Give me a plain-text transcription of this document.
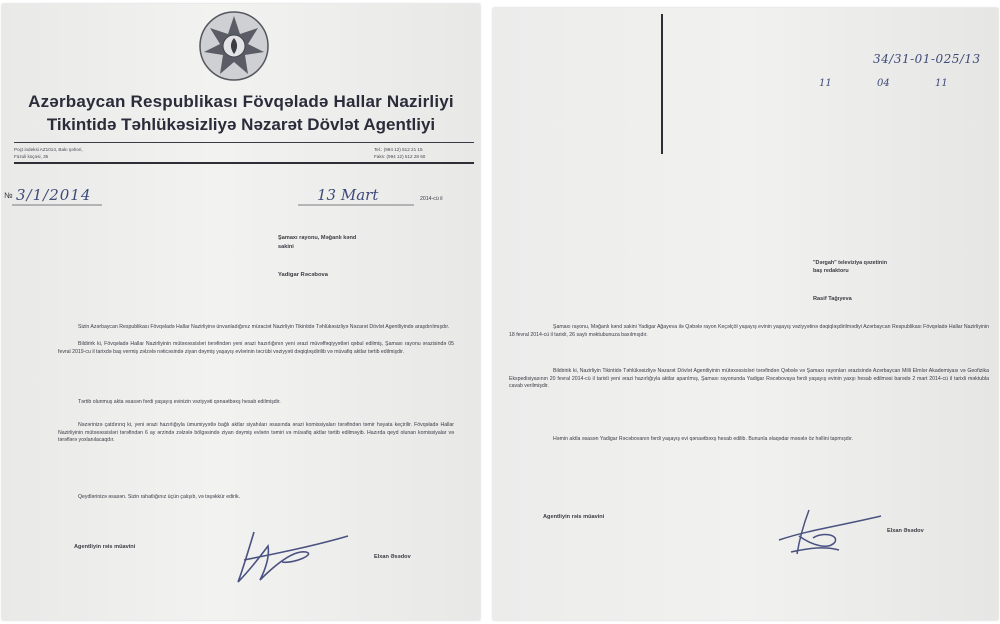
Azərbaycan Respublikası Fövqəladə Hallar Nazirliyi
Tikintidə Təhlükəsizliyə Nəzarət Dövlət Agentliyi
Poçt indeksi AZ1014, Bakı şəhəri,
Füzuli küçəsi, 35
Tel.: (994 12) 512 21 15
Faks: (994 12) 512 28 60
№ 3/1/2014	13 Mart	2014-cü il
Şamaxı rayonu, Məğanlı kənd
sakini
Yadigar Rəcəbova
Sizin Azərbaycan Respublikası Fövqəladə Hallar Nazirliyinə ünvanladığınız müraciət Nazirliyin Tikintidə Təhlükəsizliyə Nəzarət Dövlət Agentliyində araşdırılmışdır.
Bildirirk ki, Fövqəladə Hallar Nazirliyinin mütəxəssisləri tərəfindən yeni ərazi hazırlığının yeni ərazi müvəffəqiyyətləri qəbul edilmiş, Şamaxı rayonu ərazisində 05 fevral 2019-cu il tarixdə baş vermiş zəlzələ nəticəsində ziyan dəymiş yaşayış evlərinin təcrübi vəziyyəti dəqiqləşdirilib və müvafiq aktlar tərtib edilmişdir.
Tərtib olunmuş akta əsasən fərdi yaşayış evinizin vəziyyəti qənaətbəxş hesab edilmişdir.
Nəzərinizə çatdırırıq ki, yeni ərazi hazırlığıyla ümumiyyətlə bağlı aktlar siyahıları əsasında ərazi komissiyaları tərəfindən təmir həyata keçirilir. Fövqəladə Hallar Nazirliyinin mütəxəssisləri tərəfindən 6 ay ərzində zəlzələ bölgəsində ziyan dəymiş evlərin təmiri və müvafiq aktlar tərtib edilməyib. Hazırda qeyd olunan komissiyalar və tərəflərə yoxlanılacaqdır.
Qeydlərinizə əsasən. Sizin rahatlığınız üçün çalışıb, və təşəkkür edirik.
Agentliyin rəis müavini
Elxan Əsədov
34/31-01-025/13
11	04	11
"Dərgah" televiziya qəzetinin
baş redaktoru
Rasif Tağıyeva
Şamaxı rayonu, Məğanlı kənd sakini Yadigar Ağayeva ilə Qəbələ rayon Keçəlçöl yaşayış evinin yaşayış vəziyyətinə dəqiqləşdirilmədiyi Azərbaycan Respublikası Fövqəladə Hallar Nazirliyinin 18 fevral 2014-cü il tarixli, 26 saylı məktubunuza baxılmışdır.
Bildiririk ki, Nazirliyin Tikintidə Təhlükəsizliyə Nəzarət Dövlət Agentliyinin mütəxəssisləri tərəfindən Qəbələ və Şamaxı rayonları ərazisində Azərbaycan Milli Elmlər Akademiyası və Geofizika Ekspedisiyasının 20 fevral 2014-cü il tarixli yeni ərazi hazırlığıyla aktlar aparılmış, Şamaxı rayonunda Yadigar Rəcəbovaya fərdi yaşayış evinin yaxşı hesab edilməsi barədə 2 mart 2014-cü il tarixli məktubla cavab verilmişdir.
Həmin aktla əsasən Yadigar Rəcəbovanın fərdi yaşayış evi qənaətbəxş hesab edilib. Bununla əlaqədar məsələ öz həllini tapmışdır.
Agentliyin rəis müavini
Elxan Əsədov
